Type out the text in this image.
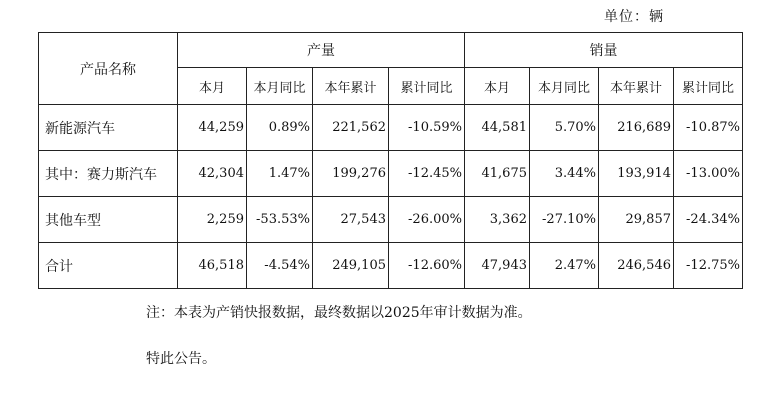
单位：辆
产品名称	产量				销量			
	本月	本月同比	本年累计	累计同比	本月	本月同比	本年累计	累计同比
新能源汽车	44,259	0.89%	221,562	-10.59%	44,581	5.70%	216,689	-10.87%
其中：赛力斯汽车	42,304	1.47%	199,276	-12.45%	41,675	3.44%	193,914	-13.00%
其他车型	2,259	-53.53%	27,543	-26.00%	3,362	-27.10%	29,857	-24.34%
合计	46,518	-4.54%	249,105	-12.60%	47,943	2.47%	246,546	-12.75%
注：本表为产销快报数据，最终数据以2025年审计数据为准。
特此公告。
